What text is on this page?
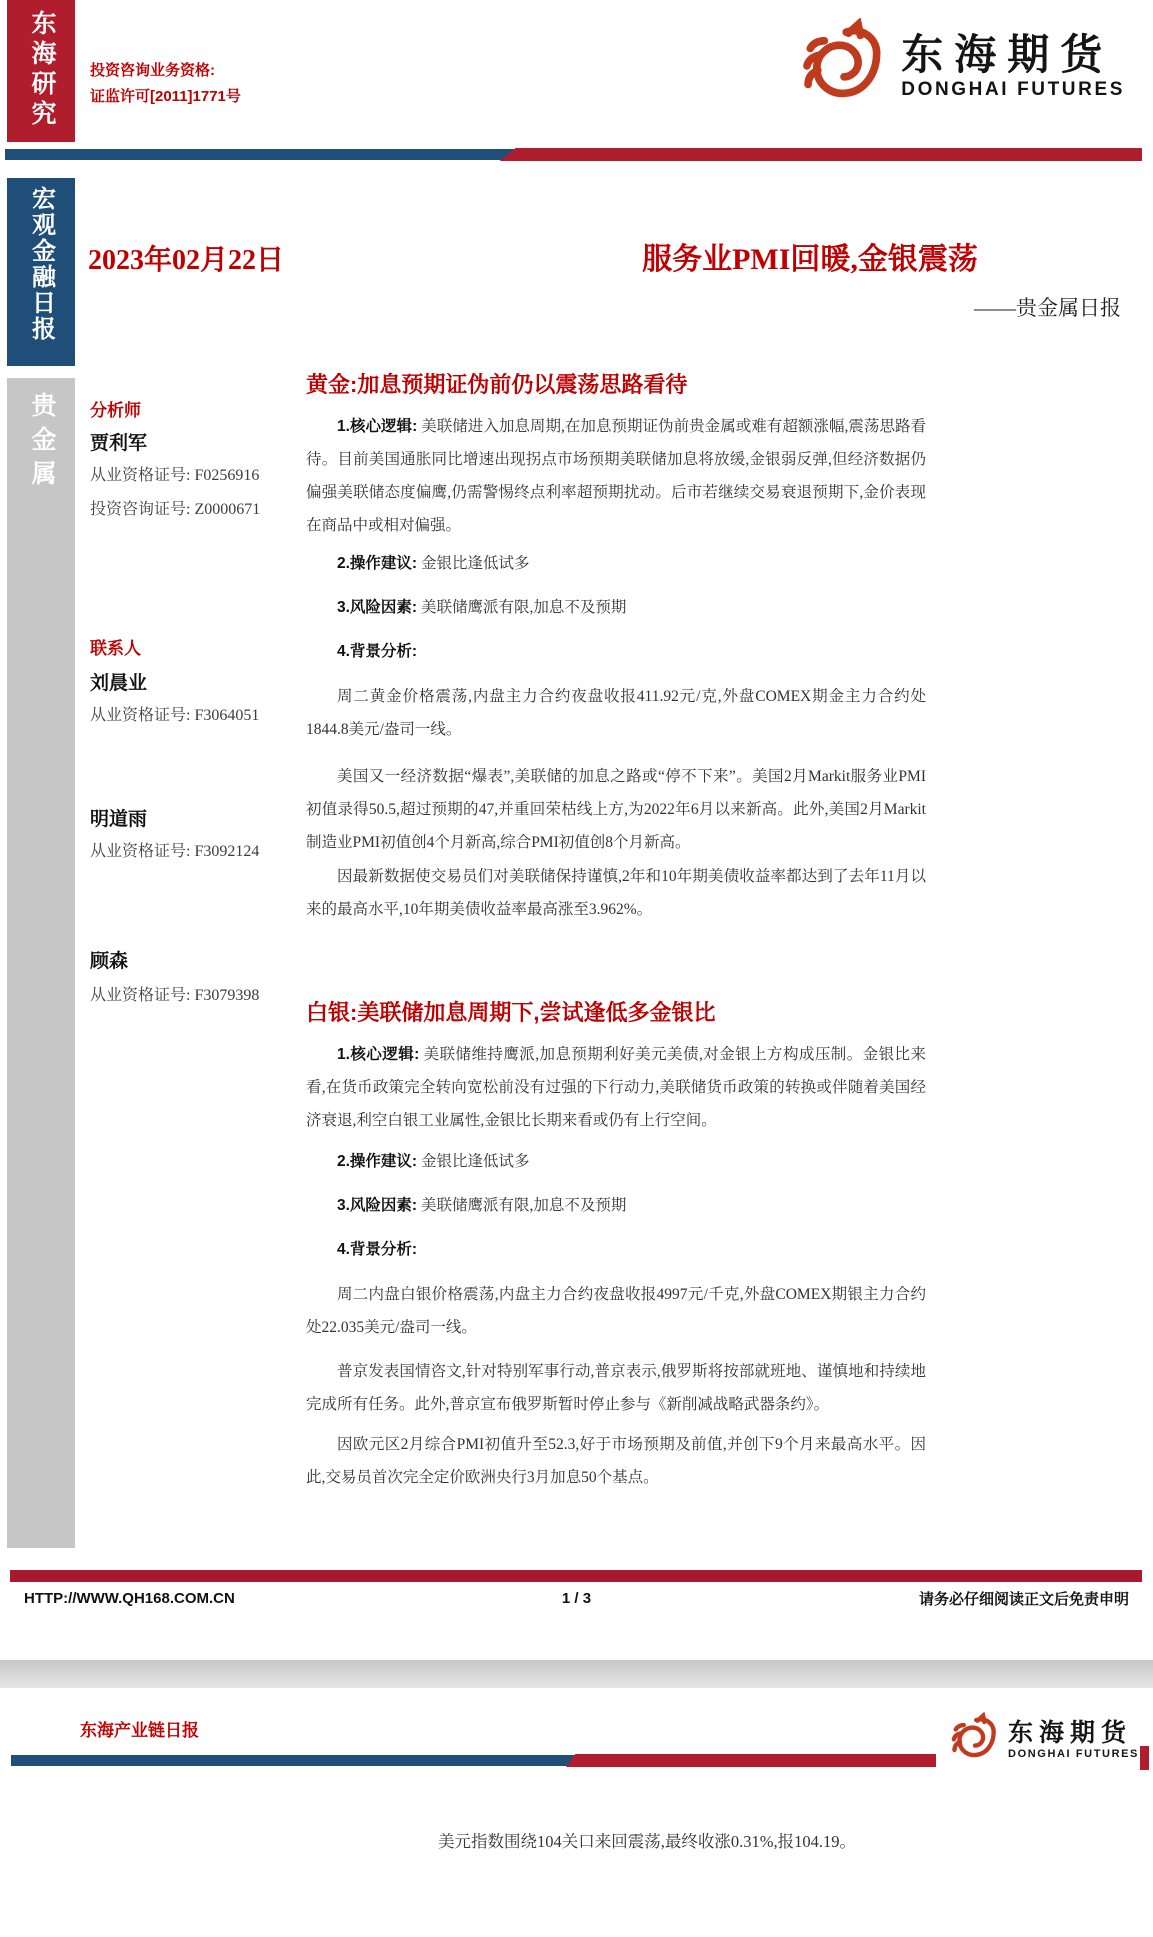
东海研究 投资咨询业务资格:
证监许可[2011]1771号
东海期货
DONGHAI FUTURES
宏观金融日报
贵金属
2023年02月22日	服务业PMI回暖,金银震荡
——贵金属日报
分析师
贾利军
从业资格证号: F0256916
投资咨询证号: Z0000671
联系人
刘晨业
从业资格证号: F3064051
明道雨
从业资格证号: F3092124
顾森
从业资格证号: F3079398
黄金:加息预期证伪前仍以震荡思路看待
1.核心逻辑: 美联储进入加息周期,在加息预期证伪前贵金属或难有超额涨幅,震荡思路看待。目前美国通胀同比增速出现拐点市场预期美联储加息将放缓,金银弱反弹,但经济数据仍偏强美联储态度偏鹰,仍需警惕终点利率超预期扰动。后市若继续交易衰退预期下,金价表现在商品中或相对偏强。
2.操作建议: 金银比逢低试多
3.风险因素: 美联储鹰派有限,加息不及预期
4.背景分析:
周二黄金价格震荡,内盘主力合约夜盘收报411.92元/克,外盘COMEX期金主力合约处1844.8美元/盎司一线。
美国又一经济数据“爆表”,美联储的加息之路或“停不下来”。美国2月Markit服务业PMI初值录得50.5,超过预期的47,并重回荣枯线上方,为2022年6月以来新高。此外,美国2月Markit制造业PMI初值创4个月新高,综合PMI初值创8个月新高。
因最新数据使交易员们对美联储保持谨慎,2年和10年期美债收益率都达到了去年11月以来的最高水平,10年期美债收益率最高涨至3.962%。
白银:美联储加息周期下,尝试逢低多金银比
1.核心逻辑: 美联储维持鹰派,加息预期利好美元美债,对金银上方构成压制。金银比来看,在货币政策完全转向宽松前没有过强的下行动力,美联储货币政策的转换或伴随着美国经济衰退,利空白银工业属性,金银比长期来看或仍有上行空间。
2.操作建议: 金银比逢低试多
3.风险因素: 美联储鹰派有限,加息不及预期
4.背景分析:
周二内盘白银价格震荡,内盘主力合约夜盘收报4997元/千克,外盘COMEX期银主力合约处22.035美元/盎司一线。
普京发表国情咨文,针对特别军事行动,普京表示,俄罗斯将按部就班地、谨慎地和持续地完成所有任务。此外,普京宣布俄罗斯暂时停止参与《新削减战略武器条约》。
因欧元区2月综合PMI初值升至52.3,好于市场预期及前值,并创下9个月来最高水平。因此,交易员首次完全定价欧洲央行3月加息50个基点。
HTTP://WWW.QH168.COM.CN	1 / 3	请务必仔细阅读正文后免责申明
东海产业链日报	东海期货
DONGHAI FUTURES
美元指数围绕104关口来回震荡,最终收涨0.31%,报104.19。
